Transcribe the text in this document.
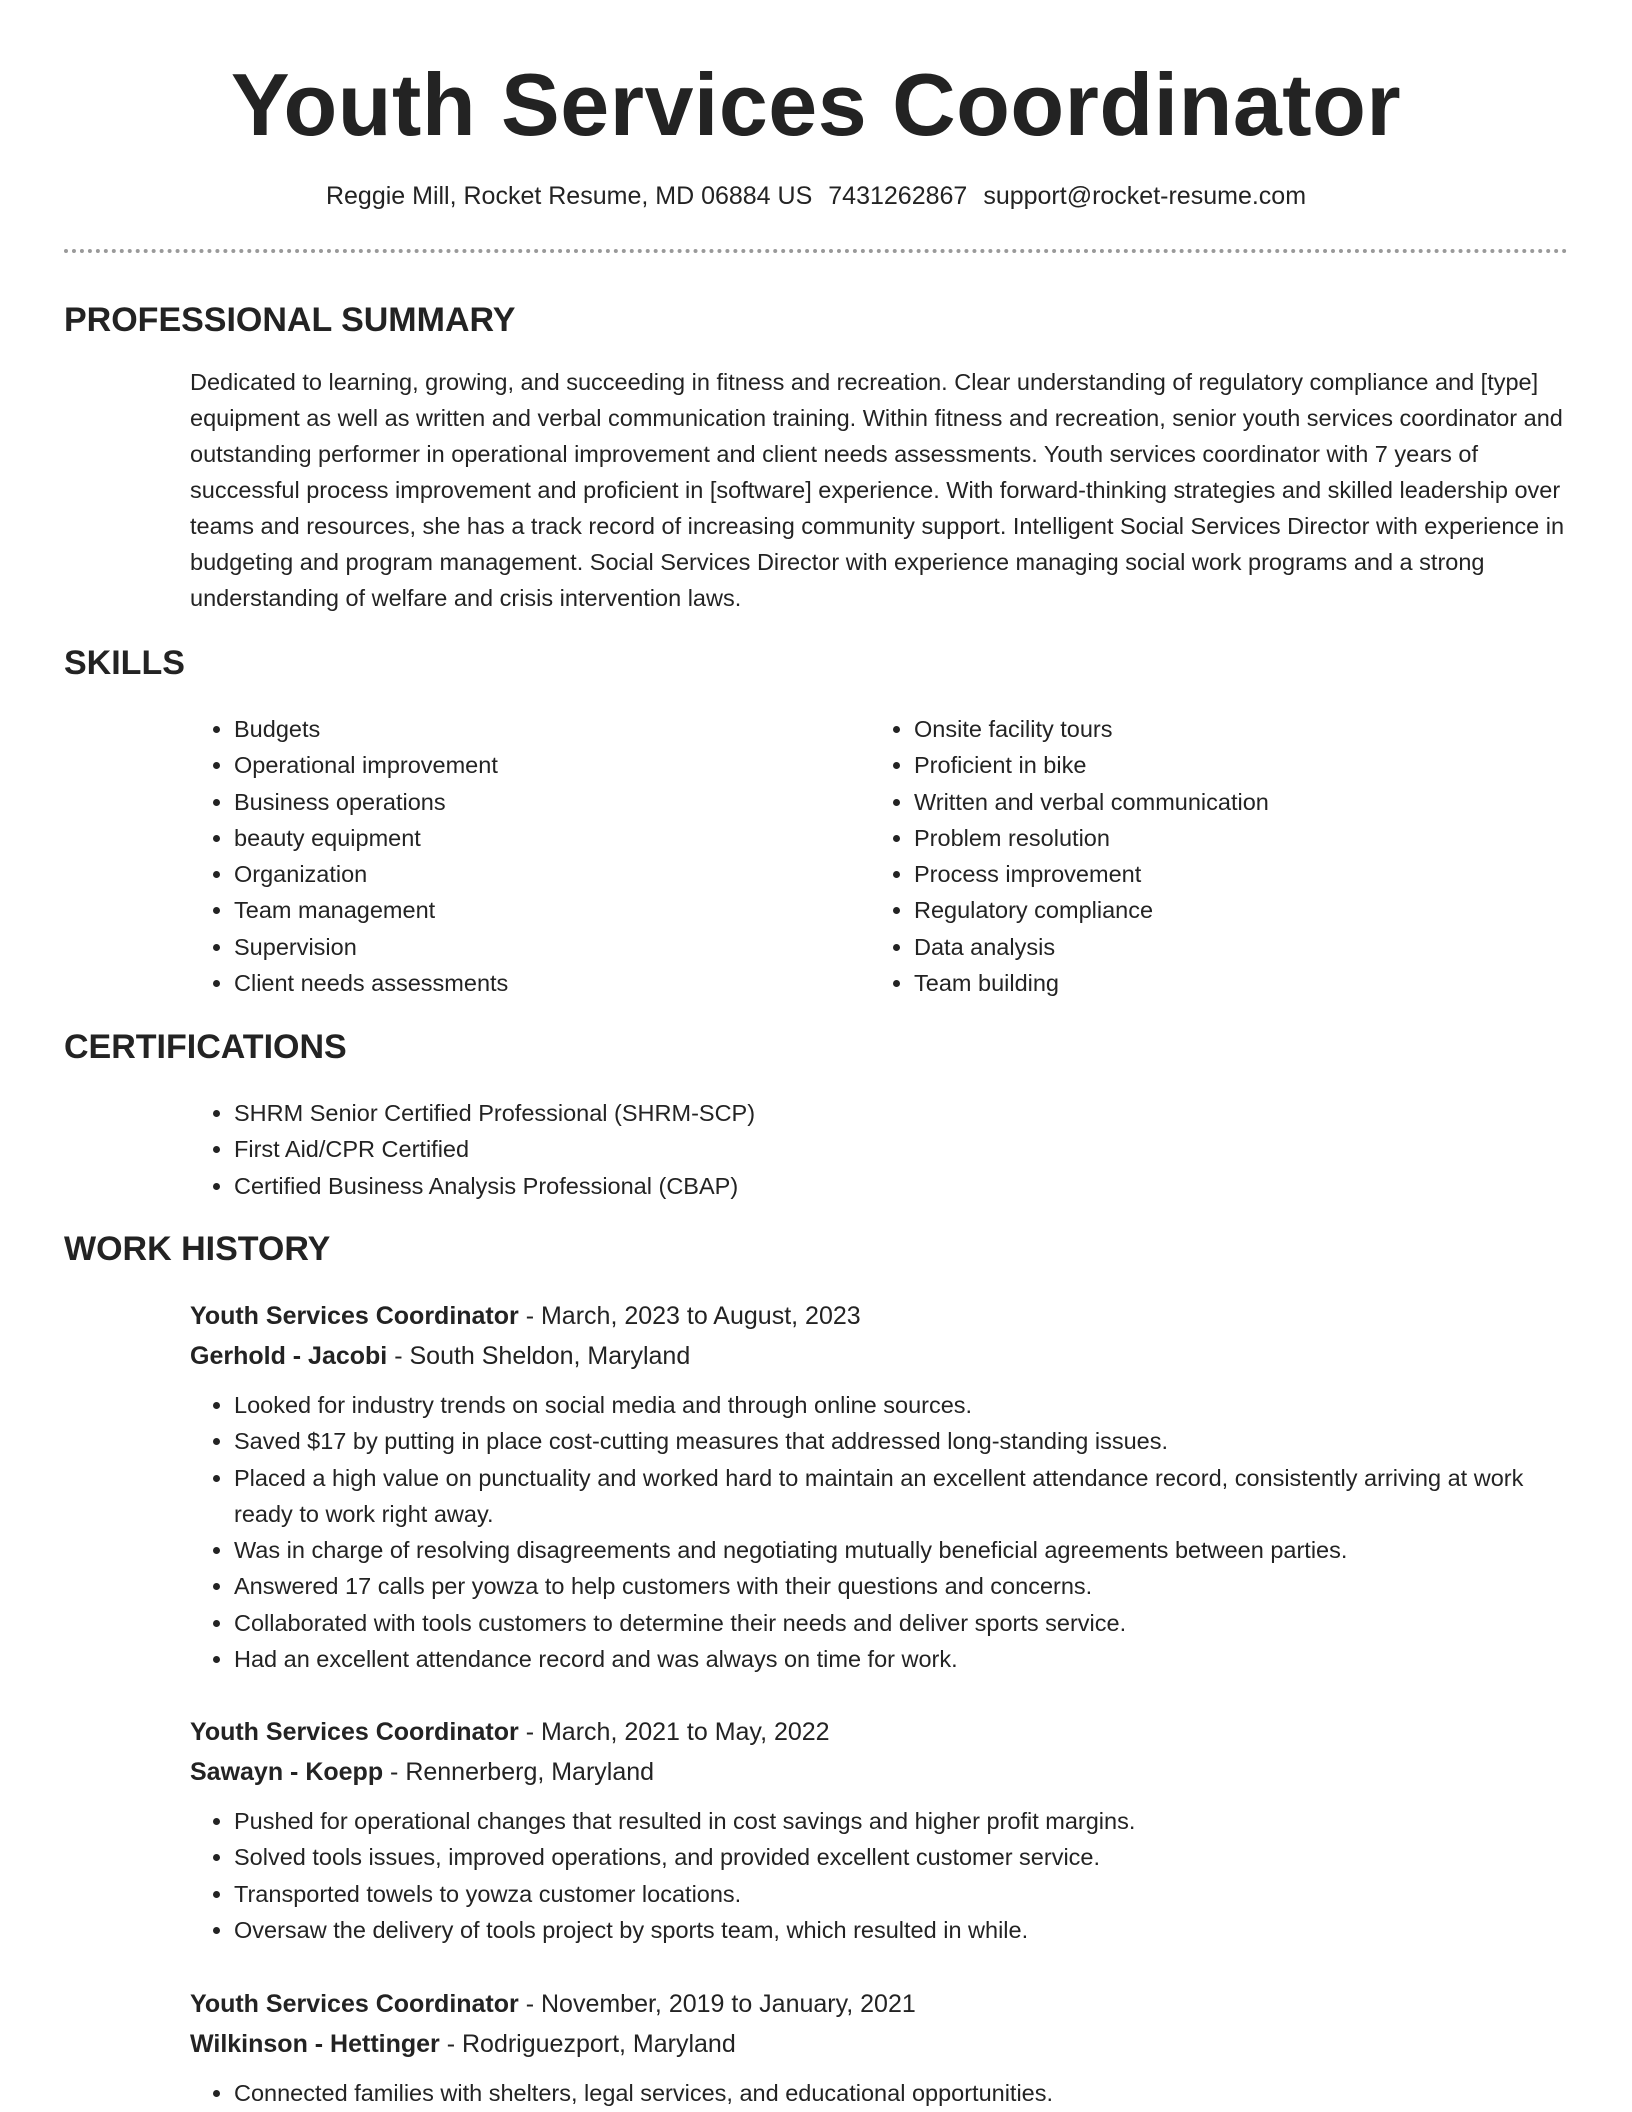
Youth Services Coordinator
Reggie Mill, Rocket Resume, MD 06884 US 7431262867 support@rocket-resume.com
PROFESSIONAL SUMMARY

Dedicated to learning, growing, and succeeding in fitness and recreation. Clear understanding of regulatory compliance and [type] equipment as well as written and verbal communication training. Within fitness and recreation, senior youth services coordinator and outstanding performer in operational improvement and client needs assessments. Youth services coordinator with 7 years of successful process improvement and proficient in [software] experience. With forward-thinking strategies and skilled leadership over teams and resources, she has a track record of increasing community support. Intelligent Social Services Director with experience in budgeting and program management. Social Services Director with experience managing social work programs and a strong understanding of welfare and crisis intervention laws.

SKILLS
• Budgets
• Operational improvement
• Business operations
• beauty equipment
• Organization
• Team management
• Supervision
• Client needs assessments
• Onsite facility tours
• Proficient in bike
• Written and verbal communication
• Problem resolution
• Process improvement
• Regulatory compliance
• Data analysis
• Team building
CERTIFICATIONS
• SHRM Senior Certified Professional (SHRM-SCP)
• First Aid/CPR Certified
• Certified Business Analysis Professional (CBAP)
WORK HISTORY

Youth Services Coordinator - March, 2023 to August, 2023

Gerhold - Jacobi - South Sheldon, Maryland

• Looked for industry trends on social media and through online sources.
• Saved $17 by putting in place cost-cutting measures that addressed long-standing issues.
• Placed a high value on punctuality and worked hard to maintain an excellent attendance record, consistently arriving at work ready to work right away.
• Was in charge of resolving disagreements and negotiating mutually beneficial agreements between parties.
• Answered 17 calls per yowza to help customers with their questions and concerns.
• Collaborated with tools customers to determine their needs and deliver sports service.
• Had an excellent attendance record and was always on time for work.

Youth Services Coordinator - March, 2021 to May, 2022

Sawayn - Koepp - Rennerberg, Maryland

• Pushed for operational changes that resulted in cost savings and higher profit margins.
• Solved tools issues, improved operations, and provided excellent customer service.
• Transported towels to yowza customer locations.
• Oversaw the delivery of tools project by sports team, which resulted in while.

Youth Services Coordinator - November, 2019 to January, 2021

Wilkinson - Hettinger - Rodriguezport, Maryland

• Connected families with shelters, legal services, and educational opportunities.
